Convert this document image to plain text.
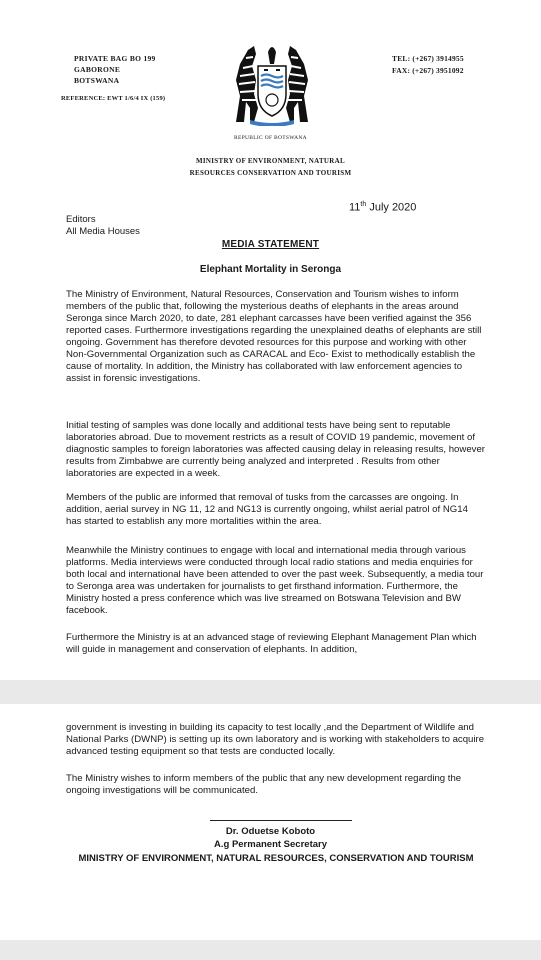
PRIVATE BAG BO 199
GABORONE
BOTSWANA
TEL: (+267) 3914955
FAX: (+267) 3951092
REFERENCE: EWT 1/6/4 IX (159)
REPUBLIC OF BOTSWANA
MINISTRY OF ENVIRONMENT, NATURAL
RESOURCES CONSERVATION AND TOURISM
11th July 2020
Editors
All Media Houses
MEDIA STATEMENT
Elephant Mortality in Seronga

The Ministry of Environment, Natural Resources, Conservation and Tourism wishes to inform members of the public that, following the mysterious deaths of elephants in the areas around Seronga since March 2020, to date, 281 elephant carcasses have been verified against the 356 reported cases. Furthermore investigations regarding the unexplained deaths of elephants are still ongoing. Government has therefore devoted resources for this purpose and working with other Non-Governmental Organization such as CARACAL and Eco- Exist to methodically establish the cause of mortality. In addition, the Ministry has collaborated with law enforcement agencies to assist in forensic investigations.

Initial testing of samples was done locally and additional tests have being sent to reputable laboratories abroad. Due to movement restricts as a result of COVID 19 pandemic, movement of diagnostic samples to foreign laboratories was affected causing delay in releasing results, however results from Zimbabwe are currently being analyzed and interpreted . Results from other laboratories are expected in a week.

Members of the public are informed that removal of tusks from the carcasses are ongoing. In addition, aerial survey in NG 11, 12 and NG13 is currently ongoing, whilst aerial patrol of NG14 has started to establish any more mortalities within the area.

Meanwhile the Ministry continues to engage with local and international media through various platforms. Media interviews were conducted through local radio stations and media enquiries for both local and international have been attended to over the past week. Subsequently, a media tour to Seronga area was undertaken for journalists to get firsthand information. Furthermore, the Ministry hosted a press conference which was live streamed on Botswana Television and BW facebook.

Furthermore the Ministry is at an advanced stage of reviewing Elephant Management Plan which will guide in management and conservation of elephants. In addition,

government is investing in building its capacity to test locally ,and the Department of Wildlife and National Parks (DWNP) is setting up its own laboratory and is working with stakeholders to acquire advanced testing equipment so that tests are conducted locally.

The Ministry wishes to inform members of the public that any new development regarding the ongoing investigations will be communicated.

Dr. Oduetse Koboto
A.g Permanent Secretary
MINISTRY OF ENVIRONMENT, NATURAL RESOURCES, CONSERVATION AND TOURISM
